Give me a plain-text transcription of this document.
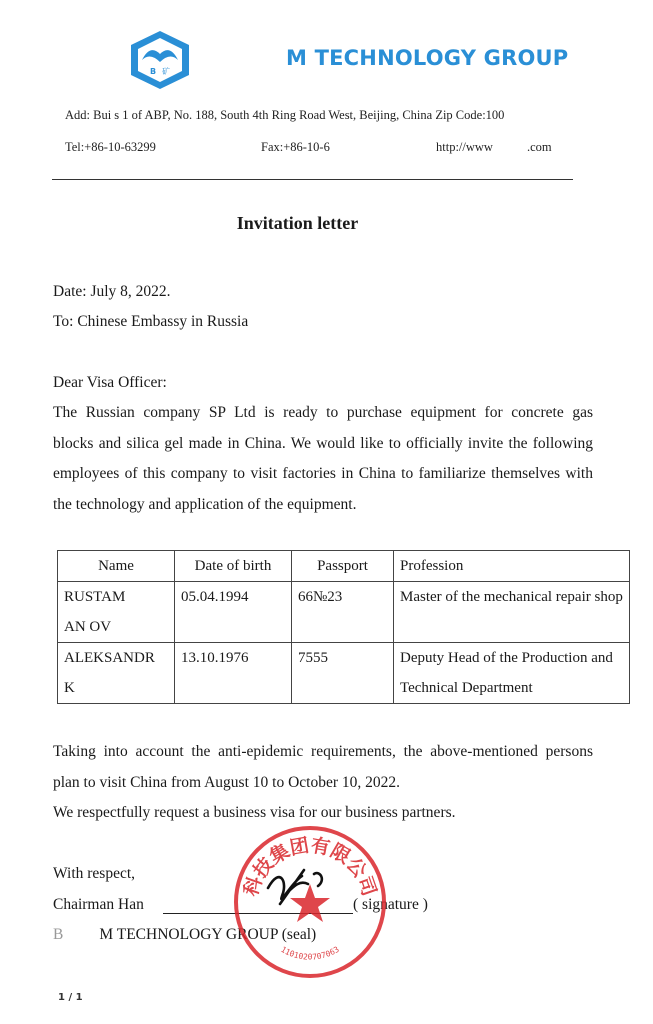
B 矿
M TECHNOLOGY GROUP
Add: Bui s 1 of ABP, No. 188, South 4th Ring Road West, Beijing, China Zip Code:100
Tel:+86-10-63299	Fax:+86-10-6	http://www	.com
Invitation letter
Date: July 8, 2022.
To: Chinese Embassy in Russia
Dear Visa Officer:
The Russian company SP Ltd is ready to purchase equipment for concrete gas
blocks and silica gel made in China. We would like to officially invite the following
employees of this company to visit factories in China to familiarize themselves with
the technology and application of the equipment.
Name	Date of birth	Passport	Profession

RUSTAM
AN OV	05.04.1994	66№23	Master of the mechanical repair shop

ALEKSANDR
K	13.10.1976	7555	Deputy Head of the Production and Technical Department
Taking into account the anti-epidemic requirements, the above-mentioned persons
plan to visit China from August 10 to October 10, 2022.
We respectfully request a business visa for our business partners.
With respect,
Chairman Han	( signature )
B M TECHNOLOGY GROUP (seal)
科技集团有限公司
1101020707063
1 / 1
